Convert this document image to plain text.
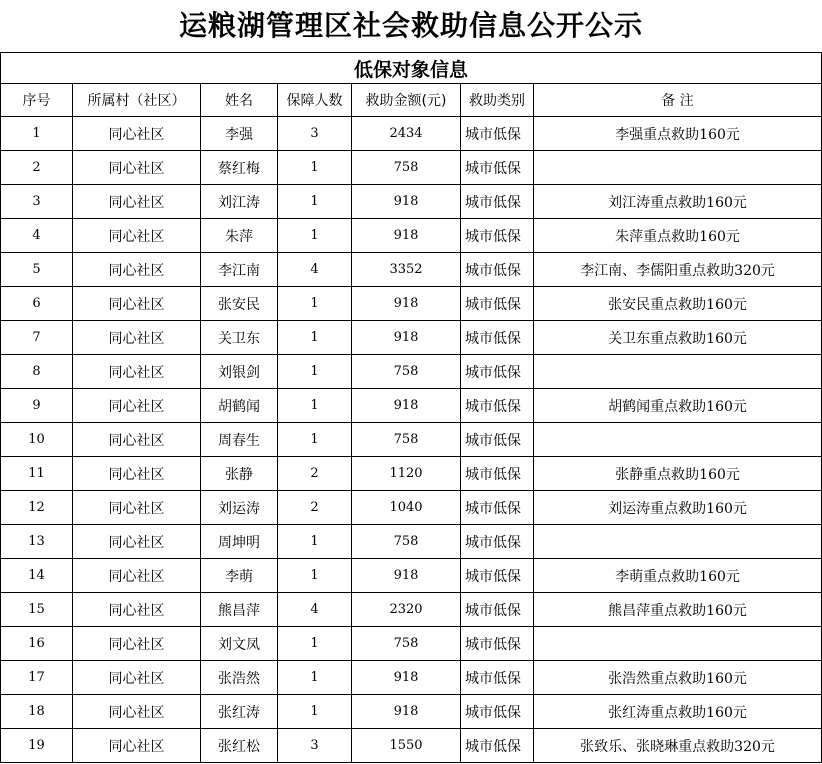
运粮湖管理区社会救助信息公开公示
低保对象信息						
序号	所属村（社区）	姓名	保障人数	救助金额(元)	救助类别	备 注
1	同心社区	李强	3	2434	城市低保	李强重点救助160元
2	同心社区	蔡红梅	1	758	城市低保	
3	同心社区	刘江涛	1	918	城市低保	刘江涛重点救助160元
4	同心社区	朱萍	1	918	城市低保	朱萍重点救助160元
5	同心社区	李江南	4	3352	城市低保	李江南、李儒阳重点救助320元
6	同心社区	张安民	1	918	城市低保	张安民重点救助160元
7	同心社区	关卫东	1	918	城市低保	关卫东重点救助160元
8	同心社区	刘银剑	1	758	城市低保	
9	同心社区	胡鹤闻	1	918	城市低保	胡鹤闻重点救助160元
10	同心社区	周春生	1	758	城市低保	
11	同心社区	张静	2	1120	城市低保	张静重点救助160元
12	同心社区	刘运涛	2	1040	城市低保	刘运涛重点救助160元
13	同心社区	周坤明	1	758	城市低保	
14	同心社区	李萌	1	918	城市低保	李萌重点救助160元
15	同心社区	熊昌萍	4	2320	城市低保	熊昌萍重点救助160元
16	同心社区	刘文凤	1	758	城市低保	
17	同心社区	张浩然	1	918	城市低保	张浩然重点救助160元
18	同心社区	张红涛	1	918	城市低保	张红涛重点救助160元
19	同心社区	张红松	3	1550	城市低保	张致乐、张晓琳重点救助320元
